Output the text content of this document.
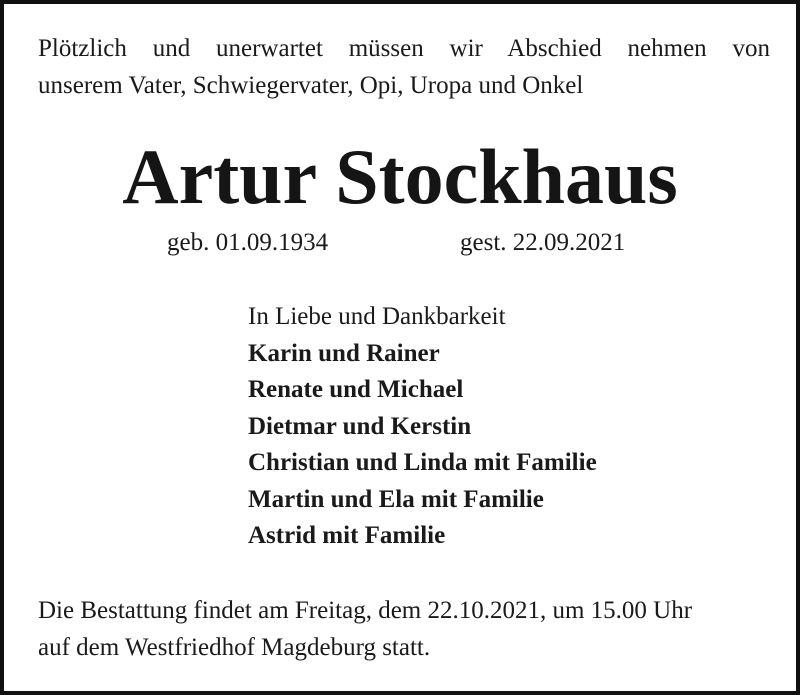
Plötzlich und unerwartet müssen wir Abschied nehmen von
unserem Vater, Schwiegervater, Opi, Uropa und Onkel
Artur Stockhaus
geb. 01.09.1934	gest. 22.09.2021
In Liebe und Dankbarkeit
Karin und Rainer
Renate und Michael
Dietmar und Kerstin
Christian und Linda mit Familie
Martin und Ela mit Familie
Astrid mit Familie
Die Bestattung findet am Freitag, dem 22.10.2021, um 15.00 Uhr
auf dem Westfriedhof Magdeburg statt.
